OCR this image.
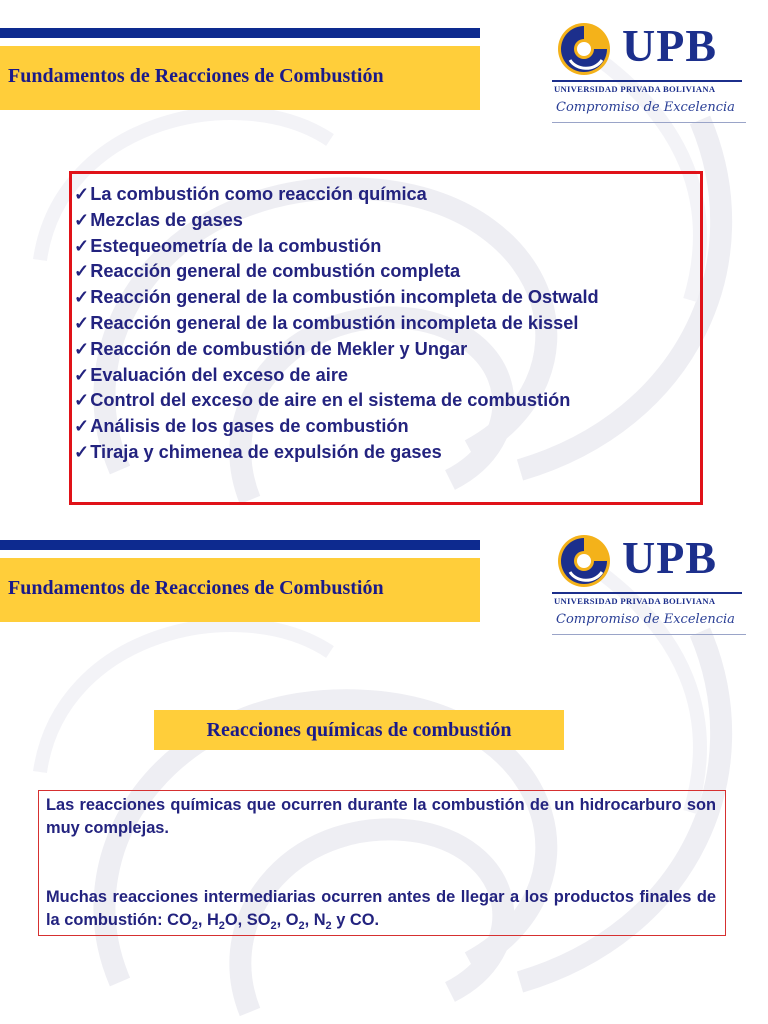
Fundamentos de Reacciones de Combustión
UPB
UNIVERSIDAD PRIVADA BOLIVIANA
Compromiso de Excelencia
✓La combustión como reacción química
✓Mezclas de gases
✓Estequeometría de la combustión
✓Reacción general de combustión completa
✓Reacción general de la combustión incompleta de Ostwald
✓Reacción general de la combustión incompleta de kissel
✓Reacción de combustión de Mekler y Ungar
✓Evaluación del exceso de aire
✓Control del exceso de aire en el sistema de combustión
✓Análisis de los gases de combustión
✓Tiraja y chimenea de expulsión de gases
Fundamentos de Reacciones de Combustión
UPB
UNIVERSIDAD PRIVADA BOLIVIANA
Compromiso de Excelencia
Reacciones químicas de combustión
Las reacciones químicas que ocurren durante la combustión de un hidrocarburo son muy complejas.
Muchas reacciones intermediarias ocurren antes de llegar a los productos finales de la combustión: $CO_2$, $H_2O$, $SO_2$, $O_2$, $N_2$ y CO.
